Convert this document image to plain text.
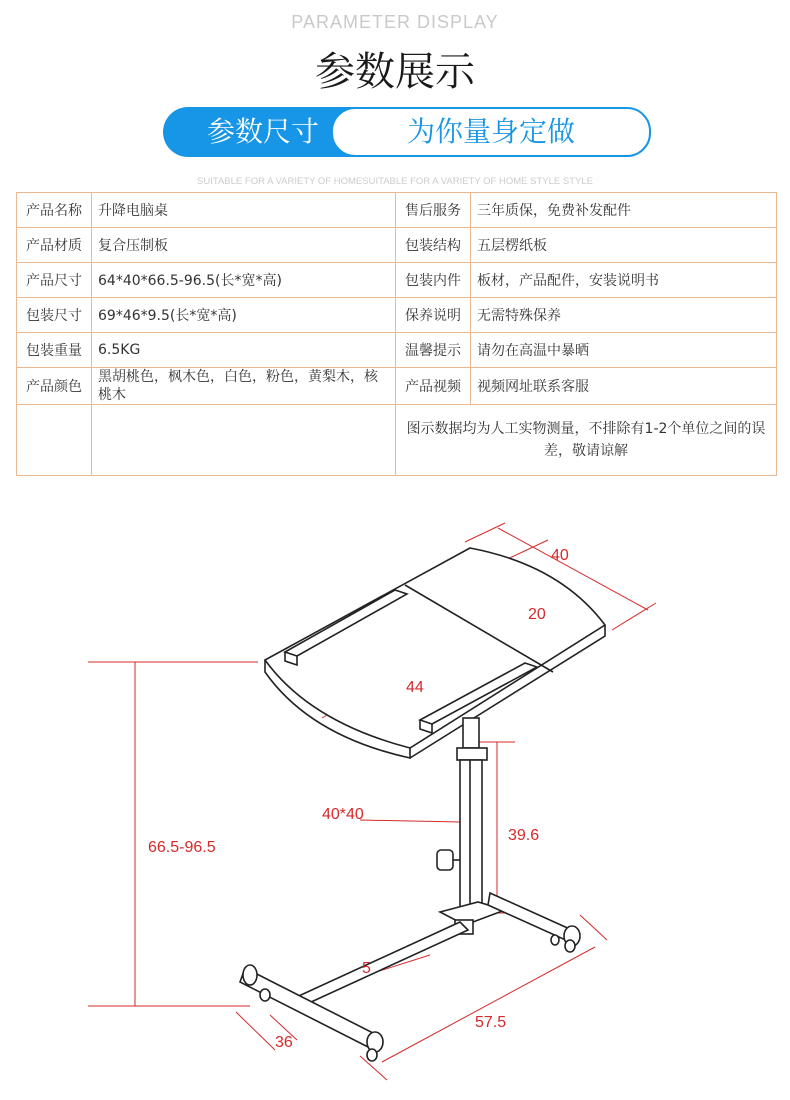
PARAMETER DISPLAY
参数展示
参数尺寸	为你量身定做
SUITABLE FOR A VARIETY OF HOMESUITABLE FOR A VARIETY OF HOME STYLE STYLE
产品名称	升降电脑桌	售后服务	三年质保，免费补发配件
产品材质	复合压制板	包装结构	五层楞纸板
产品尺寸	64*40*66.5-96.5(长*宽*高)	包装内件	板材，产品配件，安装说明书
包装尺寸	69*46*9.5(长*宽*高)	保养说明	无需特殊保养
包装重量	6.5KG	温馨提示	请勿在高温中暴晒
产品颜色	黑胡桃色，枫木色，白色，粉色，黄梨木，核桃木	产品视频	视频网址联系客服
		图示数据均为人工实物测量，不排除有1-2个单位之间的误差，敬请谅解	
40
20
44
66.5-96.5
40*40
39.6
5
36
57.5
